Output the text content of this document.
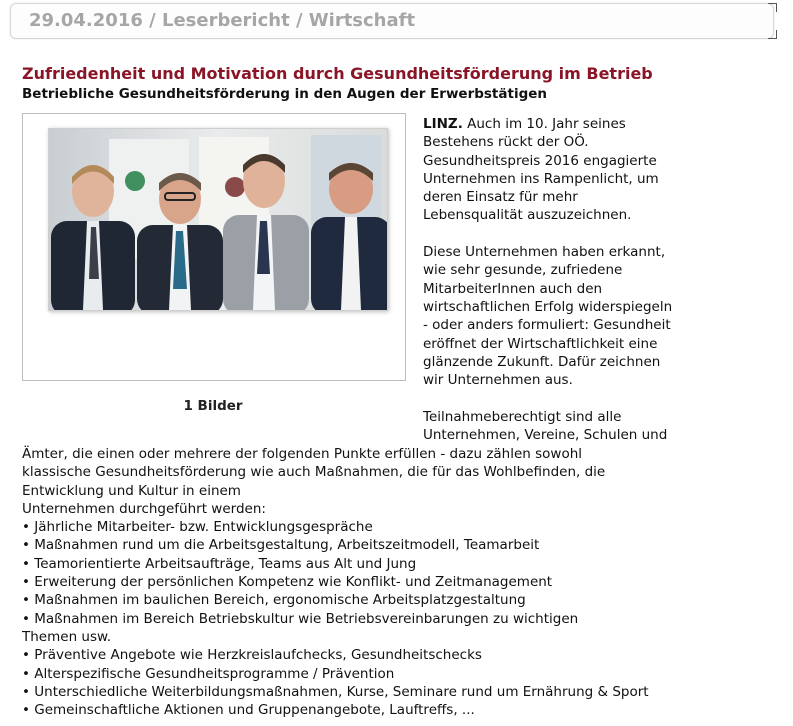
29.04.2016 / Leserbericht / Wirtschaft
Zufriedenheit und Motivation durch Gesundheitsförderung im Betrieb
Betriebliche Gesundheitsförderung in den Augen der Erwerbstätigen
1 Bilder

LINZ. Auch im 10. Jahr seines

Bestehens rückt der OÖ.

Gesundheitspreis 2016 engagierte

Unternehmen ins Rampenlicht, um

deren Einsatz für mehr

Lebensqualität auszuzeichnen.

Diese Unternehmen haben erkannt,

wie sehr gesunde, zufriedene

MitarbeiterInnen auch den

wirtschaftlichen Erfolg widerspiegeln

- oder anders formuliert: Gesundheit

eröffnet der Wirtschaftlichkeit eine

glänzende Zukunft. Dafür zeichnen

wir Unternehmen aus.

Teilnahmeberechtigt sind alle

Unternehmen, Vereine, Schulen und

Ämter, die einen oder mehrere der folgenden Punkte erfüllen - dazu zählen sowohl
klassische Gesundheitsförderung wie auch Maßnahmen, die für das Wohlbefinden, die
Entwicklung und Kultur in einem
Unternehmen durchgeführt werden:
• Jährliche Mitarbeiter- bzw. Entwicklungsgespräche
• Maßnahmen rund um die Arbeitsgestaltung, Arbeitszeitmodell, Teamarbeit
• Teamorientierte Arbeitsaufträge, Teams aus Alt und Jung
• Erweiterung der persönlichen Kompetenz wie Konflikt- und Zeitmanagement
• Maßnahmen im baulichen Bereich, ergonomische Arbeitsplatzgestaltung
• Maßnahmen im Bereich Betriebskultur wie Betriebsvereinbarungen zu wichtigen
Themen usw.
• Präventive Angebote wie Herzkreislaufchecks, Gesundheitschecks
• Alterspezifische Gesundheitsprogramme / Prävention
• Unterschiedliche Weiterbildungsmaßnahmen, Kurse, Seminare rund um Ernährung & Sport
• Gemeinschaftliche Aktionen und Gruppenangebote, Lauftreffs, ...
